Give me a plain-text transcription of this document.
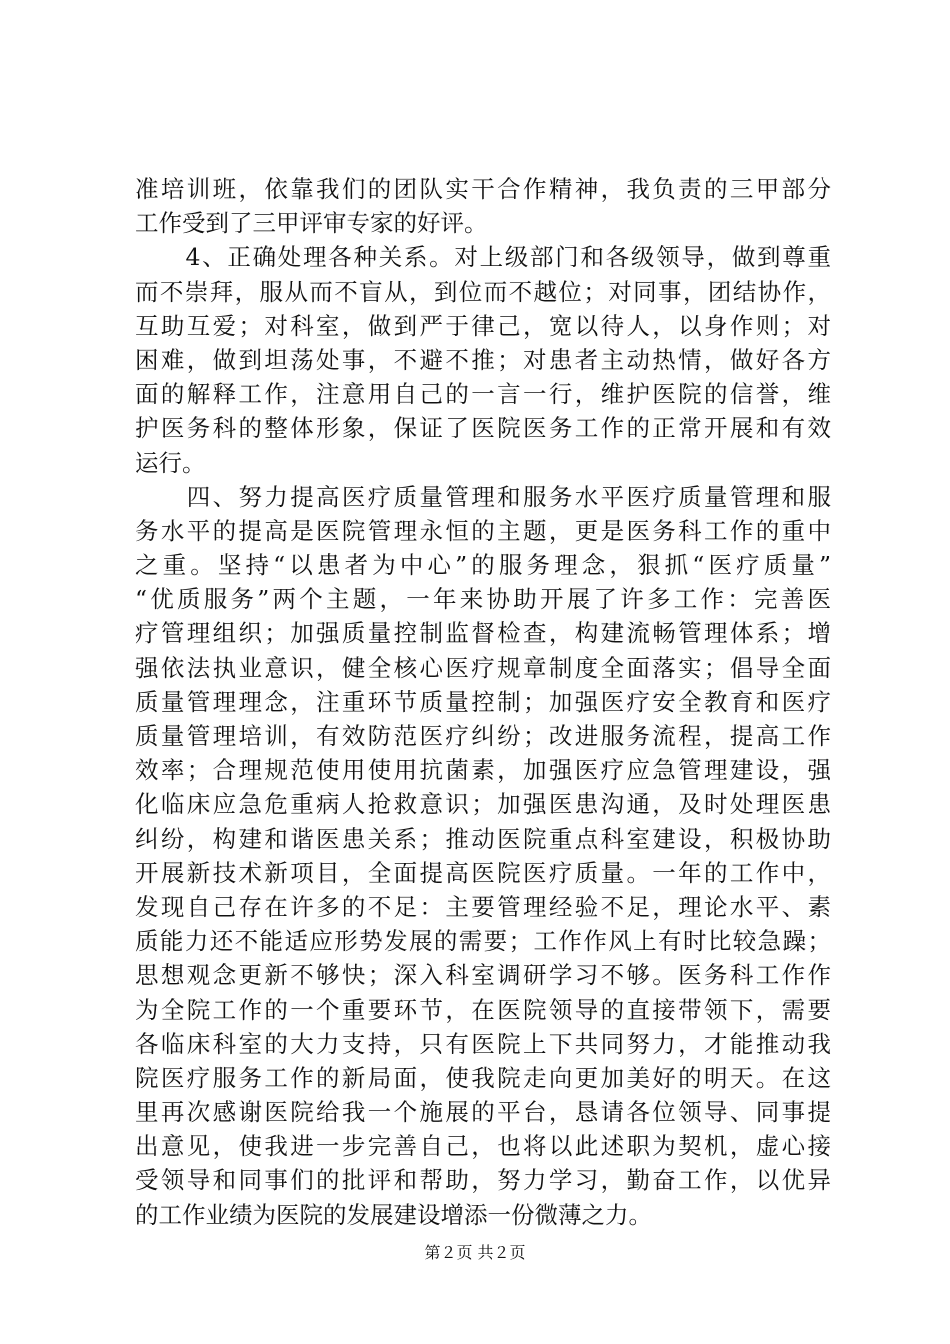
准培训班，依靠我们的团队实干合作精神，我负责的三甲部分
工作受到了三甲评审专家的好评。
　　4、正确处理各种关系。对上级部门和各级领导，做到尊重
而不崇拜，服从而不盲从，到位而不越位；对同事，团结协作，
互助互爱；对科室，做到严于律己，宽以待人，以身作则；对
困难，做到坦荡处事，不避不推；对患者主动热情，做好各方
面的解释工作，注意用自己的一言一行，维护医院的信誉，维
护医务科的整体形象，保证了医院医务工作的正常开展和有效
运行。
　　四、努力提高医疗质量管理和服务水平医疗质量管理和服
务水平的提高是医院管理永恒的主题，更是医务科工作的重中
之重。坚持“以患者为中心”的服务理念，狠抓“医疗质量”
“优质服务”两个主题，一年来协助开展了许多工作：完善医
疗管理组织；加强质量控制监督检查，构建流畅管理体系；增
强依法执业意识，健全核心医疗规章制度全面落实；倡导全面
质量管理理念，注重环节质量控制；加强医疗安全教育和医疗
质量管理培训，有效防范医疗纠纷；改进服务流程，提高工作
效率；合理规范使用使用抗菌素，加强医疗应急管理建设，强
化临床应急危重病人抢救意识；加强医患沟通，及时处理医患
纠纷，构建和谐医患关系；推动医院重点科室建设，积极协助
开展新技术新项目，全面提高医院医疗质量。一年的工作中，
发现自己存在许多的不足：主要管理经验不足，理论水平、素
质能力还不能适应形势发展的需要；工作作风上有时比较急躁；
思想观念更新不够快；深入科室调研学习不够。医务科工作作
为全院工作的一个重要环节，在医院领导的直接带领下，需要
各临床科室的大力支持，只有医院上下共同努力，才能推动我
院医疗服务工作的新局面，使我院走向更加美好的明天。在这
里再次感谢医院给我一个施展的平台，恳请各位领导、同事提
出意见，使我进一步完善自己，也将以此述职为契机，虚心接
受领导和同事们的批评和帮助，努力学习，勤奋工作，以优异
的工作业绩为医院的发展建设增添一份微薄之力。
第２页 共２页
